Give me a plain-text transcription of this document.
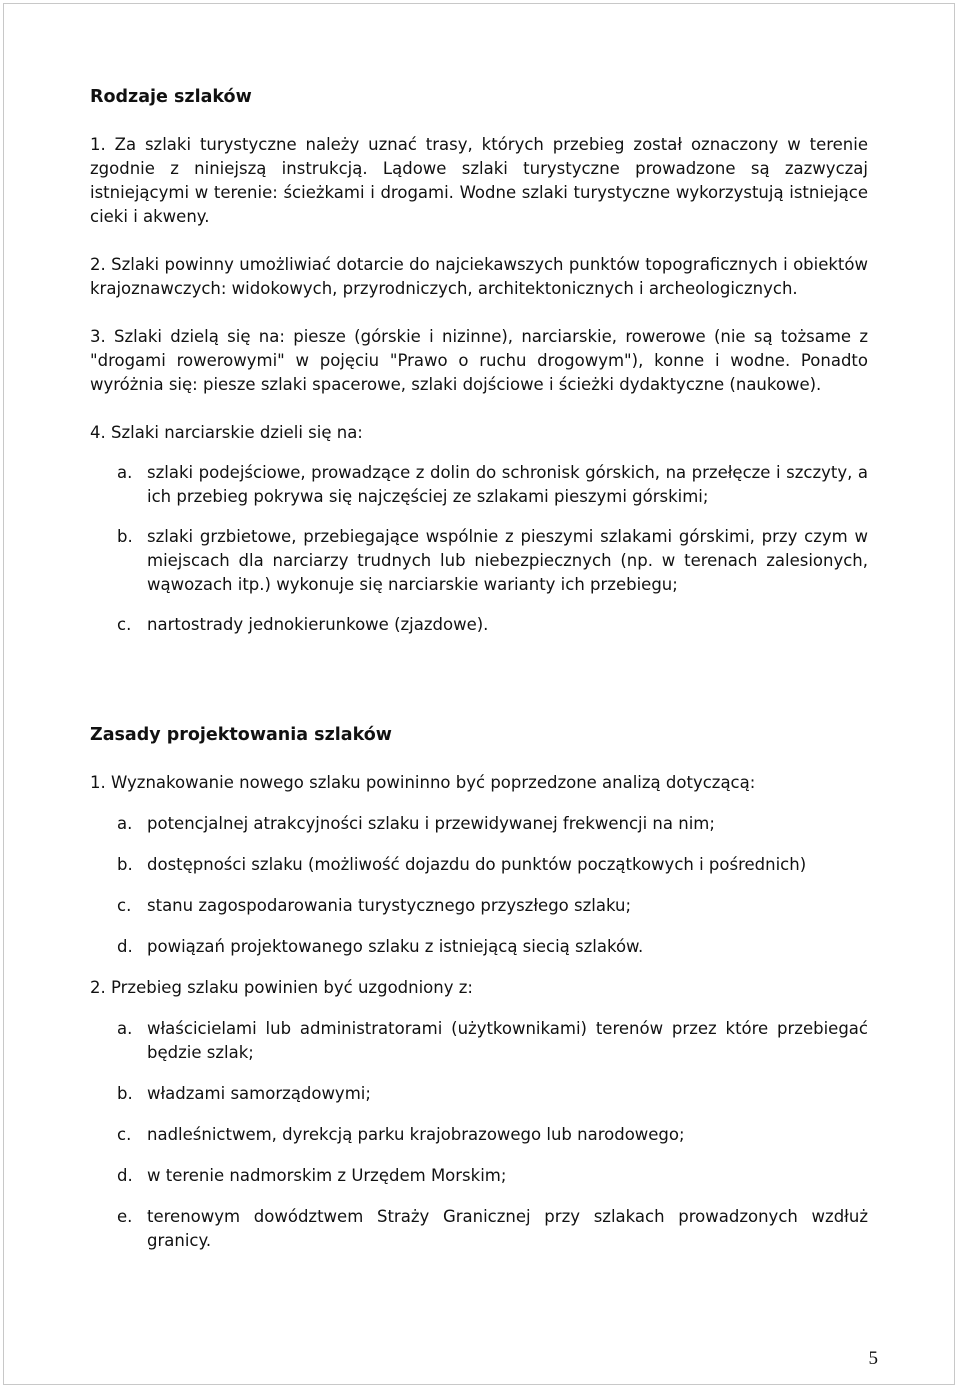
Rodzaje szlaków

1. Za szlaki turystyczne należy uznać trasy, których przebieg został oznaczony w terenie zgodnie z niniejszą instrukcją. Lądowe szlaki turystyczne prowadzone są zazwyczaj istniejącymi w terenie: ścieżkami i drogami. Wodne szlaki turystyczne wykorzystują istniejące cieki i akweny.

2. Szlaki powinny umożliwiać dotarcie do najciekawszych punktów topograficznych i obiektów krajoznawczych: widokowych, przyrodniczych, architektonicznych i archeologicznych.

3. Szlaki dzielą się na: piesze (górskie i nizinne), narciarskie, rowerowe (nie są tożsame z "drogami rowerowymi" w pojęciu "Prawo o ruchu drogowym"), konne i wodne. Ponadto wyróżnia się: piesze szlaki spacerowe, szlaki dojściowe i ścieżki dydaktyczne (naukowe).

4. Szlaki narciarskie dzieli się na:

a. szlaki podejściowe, prowadzące z dolin do schronisk górskich, na przełęcze i szczyty, a ich przebieg pokrywa się najczęściej ze szlakami pieszymi górskimi;
b. szlaki grzbietowe, przebiegające wspólnie z pieszymi szlakami górskimi, przy czym w miejscach dla narciarzy trudnych lub niebezpiecznych (np. w terenach zalesionych, wąwozach itp.) wykonuje się narciarskie warianty ich przebiegu;
c. nartostrady jednokierunkowe (zjazdowe).
Zasady projektowania szlaków

1. Wyznakowanie nowego szlaku powininno być poprzedzone analizą dotyczącą:

a. potencjalnej atrakcyjności szlaku i przewidywanej frekwencji na nim;
b. dostępności szlaku (możliwość dojazdu do punktów początkowych i pośrednich)
c. stanu zagospodarowania turystycznego przyszłego szlaku;
d. powiązań projektowanego szlaku z istniejącą siecią szlaków.

2. Przebieg szlaku powinien być uzgodniony z:

a. właścicielami lub administratorami (użytkownikami) terenów przez które przebiegać będzie szlak;
b. władzami samorządowymi;
c. nadleśnictwem, dyrekcją parku krajobrazowego lub narodowego;
d. w terenie nadmorskim z Urzędem Morskim;
e. terenowym dowództwem Straży Granicznej przy szlakach prowadzonych wzdłuż granicy.
5
